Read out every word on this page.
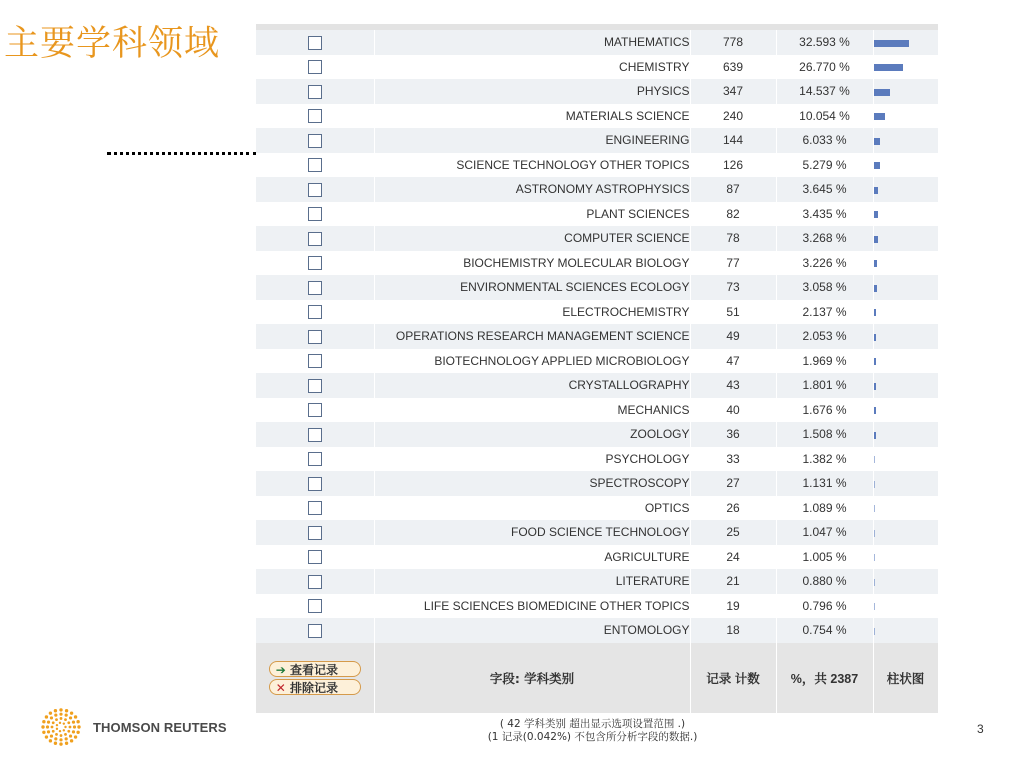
主要学科领域
		MATHEMATICS	778	32.593 %	
	CHEMISTRY	639	26.770 %	
	PHYSICS	347	14.537 %	
	MATERIALS SCIENCE	240	10.054 %	
	ENGINEERING	144	6.033 %	
	SCIENCE TECHNOLOGY OTHER TOPICS	126	5.279 %	
	ASTRONOMY ASTROPHYSICS	87	3.645 %	
	PLANT SCIENCES	82	3.435 %	
	COMPUTER SCIENCE	78	3.268 %	
	BIOCHEMISTRY MOLECULAR BIOLOGY	77	3.226 %	
	ENVIRONMENTAL SCIENCES ECOLOGY	73	3.058 %	
	ELECTROCHEMISTRY	51	2.137 %	
	OPERATIONS RESEARCH MANAGEMENT SCIENCE	49	2.053 %	
	BIOTECHNOLOGY APPLIED MICROBIOLOGY	47	1.969 %	
	CRYSTALLOGRAPHY	43	1.801 %	
	MECHANICS	40	1.676 %	
	ZOOLOGY	36	1.508 %	
	PSYCHOLOGY	33	1.382 %	
	SPECTROSCOPY	27	1.131 %	
	OPTICS	26	1.089 %	
	FOOD SCIENCE TECHNOLOGY	25	1.047 %	
	AGRICULTURE	24	1.005 %	
	LITERATURE	21	0.880 %	
	LIFE SCIENCES BIOMEDICINE OTHER TOPICS	19	0.796 %	
	ENTOMOLOGY	18	0.754 %	

➔ 查看记录
✕ 排除记录	字段: 学科类别	记录 计数	%，共 2387	柱状图
( 42 学科类别 超出显示选项设置范围 .)
(1 记录(0.042%) 不包含所分析字段的数据.)
THOMSON REUTERS	3
